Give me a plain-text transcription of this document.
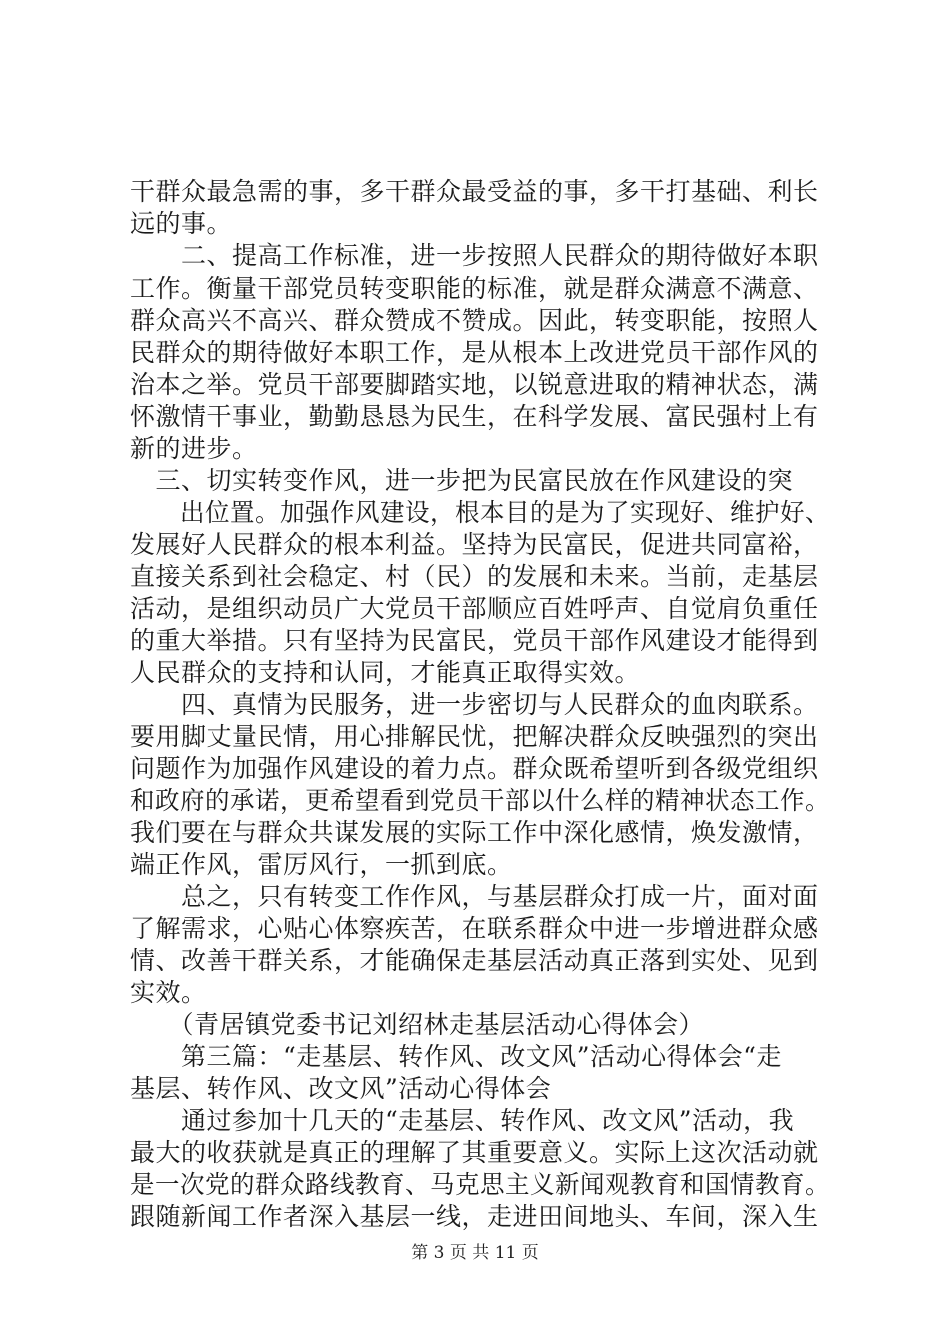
干群众最急需的事，多干群众最受益的事，多干打基础、利长
远的事。
　　二、提高工作标准，进一步按照人民群众的期待做好本职
工作。衡量干部党员转变职能的标准，就是群众满意不满意、
群众高兴不高兴、群众赞成不赞成。因此，转变职能，按照人
民群众的期待做好本职工作，是从根本上改进党员干部作风的
治本之举。党员干部要脚踏实地，以锐意进取的精神状态，满
怀激情干事业，勤勤恳恳为民生，在科学发展、富民强村上有
新的进步。
　三、切实转变作风，进一步把为民富民放在作风建设的突
　　出位置。加强作风建设，根本目的是为了实现好、维护好、
发展好人民群众的根本利益。坚持为民富民，促进共同富裕，
直接关系到社会稳定、村（民）的发展和未来。当前，走基层
活动，是组织动员广大党员干部顺应百姓呼声、自觉肩负重任
的重大举措。只有坚持为民富民，党员干部作风建设才能得到
人民群众的支持和认同，才能真正取得实效。
　　四、真情为民服务，进一步密切与人民群众的血肉联系。
要用脚丈量民情，用心排解民忧，把解决群众反映强烈的突出
问题作为加强作风建设的着力点。群众既希望听到各级党组织
和政府的承诺，更希望看到党员干部以什么样的精神状态工作。
我们要在与群众共谋发展的实际工作中深化感情，焕发激情，
端正作风，雷厉风行，一抓到底。
　　总之，只有转变工作作风，与基层群众打成一片，面对面
了解需求，心贴心体察疾苦，在联系群众中进一步增进群众感
情、改善干群关系，才能确保走基层活动真正落到实处、见到
实效。
　　（青居镇党委书记刘绍林走基层活动心得体会）
　　第三篇：“走基层、转作风、改文风”活动心得体会“走
基层、转作风、改文风”活动心得体会
　　通过参加十几天的“走基层、转作风、改文风”活动，我
最大的收获就是真正的理解了其重要意义。实际上这次活动就
是一次党的群众路线教育、马克思主义新闻观教育和国情教育。
跟随新闻工作者深入基层一线，走进田间地头、车间，深入生
第 3 页 共 11 页
